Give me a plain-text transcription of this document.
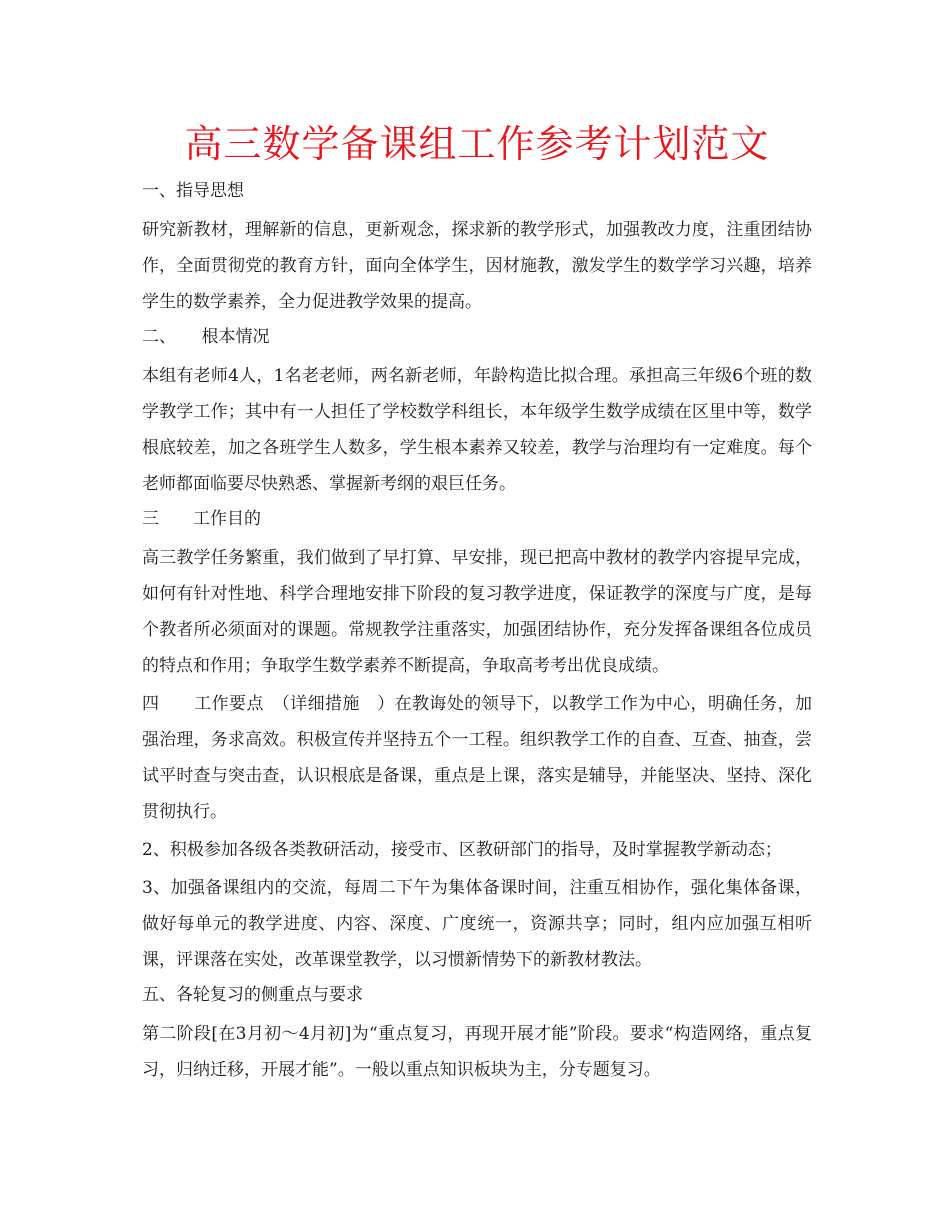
高三数学备课组工作参考计划范文
一、指导思想

研究新教材，理解新的信息，更新观念，探求新的教学形式，加强教改力度，注重团结协作，全面贯彻党的教育方针，面向全体学生，因材施教，激发学生的数学学习兴趣，培养学生的数学素养，全力促进教学效果的提高。

二、　　根本情况

本组有老师4人，1名老老师，两名新老师，年龄构造比拟合理。承担高三年级6个班的数学教学工作；其中有一人担任了学校数学科组长，本年级学生数学成绩在区里中等，数学根底较差，加之各班学生人数多，学生根本素养又较差，教学与治理均有一定难度。每个老师都面临要尽快熟悉、掌握新考纲的艰巨任务。

三　　工作目的

高三教学任务繁重，我们做到了早打算、早安排，现已把高中教材的教学内容提早完成，如何有针对性地、科学合理地安排下阶段的复习教学进度，保证教学的深度与广度，是每个教者所必须面对的课题。常规教学注重落实，加强团结协作，充分发挥备课组各位成员的特点和作用；争取学生数学素养不断提高，争取高考考出优良成绩。

四　　工作要点　（详细措施　）在教诲处的领导下，以教学工作为中心，明确任务，加强治理，务求高效。积极宣传并坚持五个一工程。组织教学工作的自查、互查、抽查，尝试平时查与突击查，认识根底是备课，重点是上课，落实是辅导，并能坚决、坚持、深化贯彻执行。

2、积极参加各级各类教研活动，接受市、区教研部门的指导，及时掌握教学新动态；

3、加强备课组内的交流，每周二下午为集体备课时间，注重互相协作，强化集体备课，做好每单元的教学进度、内容、深度、广度统一，资源共享；同时，组内应加强互相听课，评课落在实处，改革课堂教学，以习惯新情势下的新教材教法。

五、各轮复习的侧重点与要求

第二阶段[在3月初～4月初]为“重点复习，再现开展才能”阶段。要求“构造网络，重点复习，归纳迁移，开展才能”。一般以重点知识板块为主，分专题复习。
